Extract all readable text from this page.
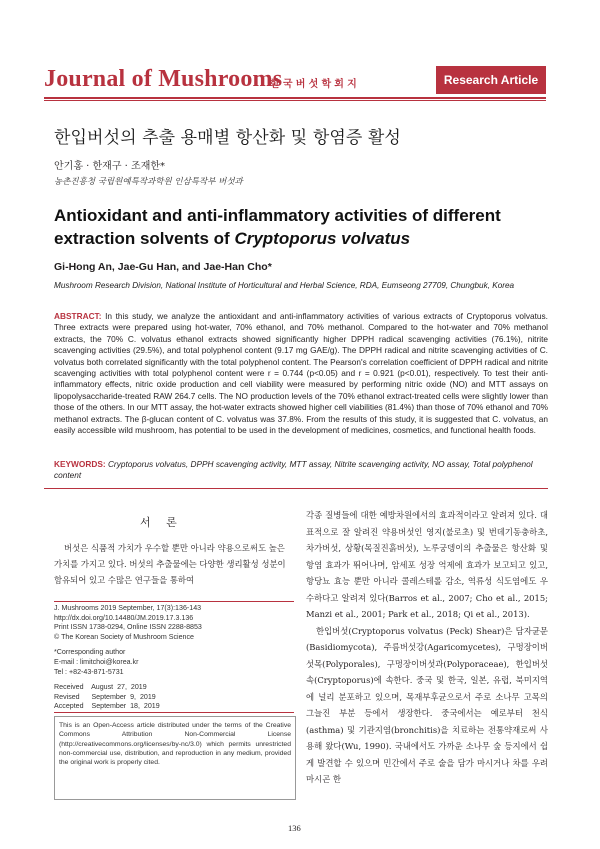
Journal of Mushrooms
한국버섯학회지	Research Article
한입버섯의 추출 용매별 항산화 및 항염증 활성
안기홍 · 한재구 · 조재한*
농촌진흥청 국립원예특작과학원 인삼특작부 버섯과
Antioxidant and anti-inflammatory activities of different
extraction solvents of Cryptoporus volvatus
Gi-Hong An, Jae-Gu Han, and Jae-Han Cho*
Mushroom Research Division, National Institute of Horticultural and Herbal Science, RDA, Eumseong 27709, Chungbuk, Korea
ABSTRACT: In this study, we analyze the antioxidant and anti-inflammatory activities of various extracts of Cryptoporus volvatus. Three extracts were prepared using hot-water, 70% ethanol, and 70% methanol. Compared to the hot-water and 70% methanol extracts, the 70% C. volvatus ethanol extracts showed significantly higher DPPH radical scavenging activities (76.1%), nitrite scavenging activities (29.5%), and total polyphenol content (9.17 mg GAE/g). The DPPH radical and nitrite scavenging activities of C. volvatus both correlated significantly with the total polyphenol content. The Pearson's correlation coefficient of DPPH radical and nitrite scavenging activities with total polyphenol content were r = 0.744 (p<0.05) and r = 0.921 (p<0.01), respectively. To test their anti-inflammatory effects, nitric oxide production and cell viability were measured by performing nitric oxide (NO) and MTT assays on lipopolysaccharide-treated RAW 264.7 cells. The NO production levels of the 70% ethanol extract-treated cells were slightly lower than those of the others. In our MTT assay, the hot-water extracts showed higher cell viabilities (81.4%) than those of 70% ethanol and 70% methanol extracts. The β-glucan content of C. volvatus was 37.8%. From the results of this study, it is suggested that C. volvatus, an easily accessible wild mushroom, has potential to be used in the development of medicines, cosmetics, and functional health foods.
KEYWORDS: Cryptoporus volvatus, DPPH scavenging activity, MTT assay, Nitrite scavenging activity, NO assay, Total polyphenol content
서 론

버섯은 식품적 가치가 우수할 뿐만 아니라 약용으로써도 높은 가치를 가지고 있다. 버섯의 추출물에는 다양한 생리활성 성분이 함유되어 있고 수많은 연구들을 통하여

J. Mushrooms 2019 September, 17(3):136-143
http://dx.doi.org/10.14480/JM.2019.17.3.136
Print ISSN 1738-0294, Online ISSN 2288-8853
© The Korean Society of Mushroom Science
*Corresponding author
E-mail : limitchoi@korea.kr
Tel : +82-43-871-5731
Received    August  27,  2019
Revised      September  9,  2019
Accepted    September  18,  2019
This is an Open-Access article distributed under the terms of the Creative Commons Attribution Non-Commercial License (http://creativecommons.org/licenses/by-nc/3.0) which permits unrestricted non-commercial use, distribution, and reproduction in any medium, provided the original work is properly cited.

각종 질병들에 대한 예방차원에서의 효과적이라고 알려져 있다. 대표적으로 잘 알려진 약용버섯인 영지(불로초) 및 번데기동충하초, 차가버섯, 상황(목질진흙버섯), 노루궁뎅이의 추출물은 항산화 및 항염 효과가 뛰어나며, 암세포 성장 억제에 효과가 보고되고 있고, 항당뇨 효능 뿐만 아니라 콜레스테롤 감소, 역류성 식도염에도 우수하다고 알려져 있다(Barros et al., 2007; Cho et al., 2015; Manzi et al., 2001; Park et al., 2018; Qi et al., 2013).

한입버섯(Cryptoporus volvatus (Peck) Shear)은 담자균문(Basidiomycota), 주름버섯강(Agaricomycetes), 구멍장이버섯목(Polyporales), 구멍장이버섯과(Polyporaceae), 한입버섯속(Cryptoporus)에 속한다. 중국 및 한국, 일본, 유럽, 북미지역에 널리 분포하고 있으며, 목재부후균으로서 주로 소나무 고목의 그늘진 부분 등에서 생장한다. 중국에서는 예로부터 천식(asthma) 및 기관지염(bronchitis)을 치료하는 전통약재로써 사용해 왔다(Wu, 1990). 국내에서도 가까운 소나무 숲 등지에서 쉽게 발견할 수 있으며 민간에서 주로 술을 담가 마시거나 차를 우려 마시곤 한

136
